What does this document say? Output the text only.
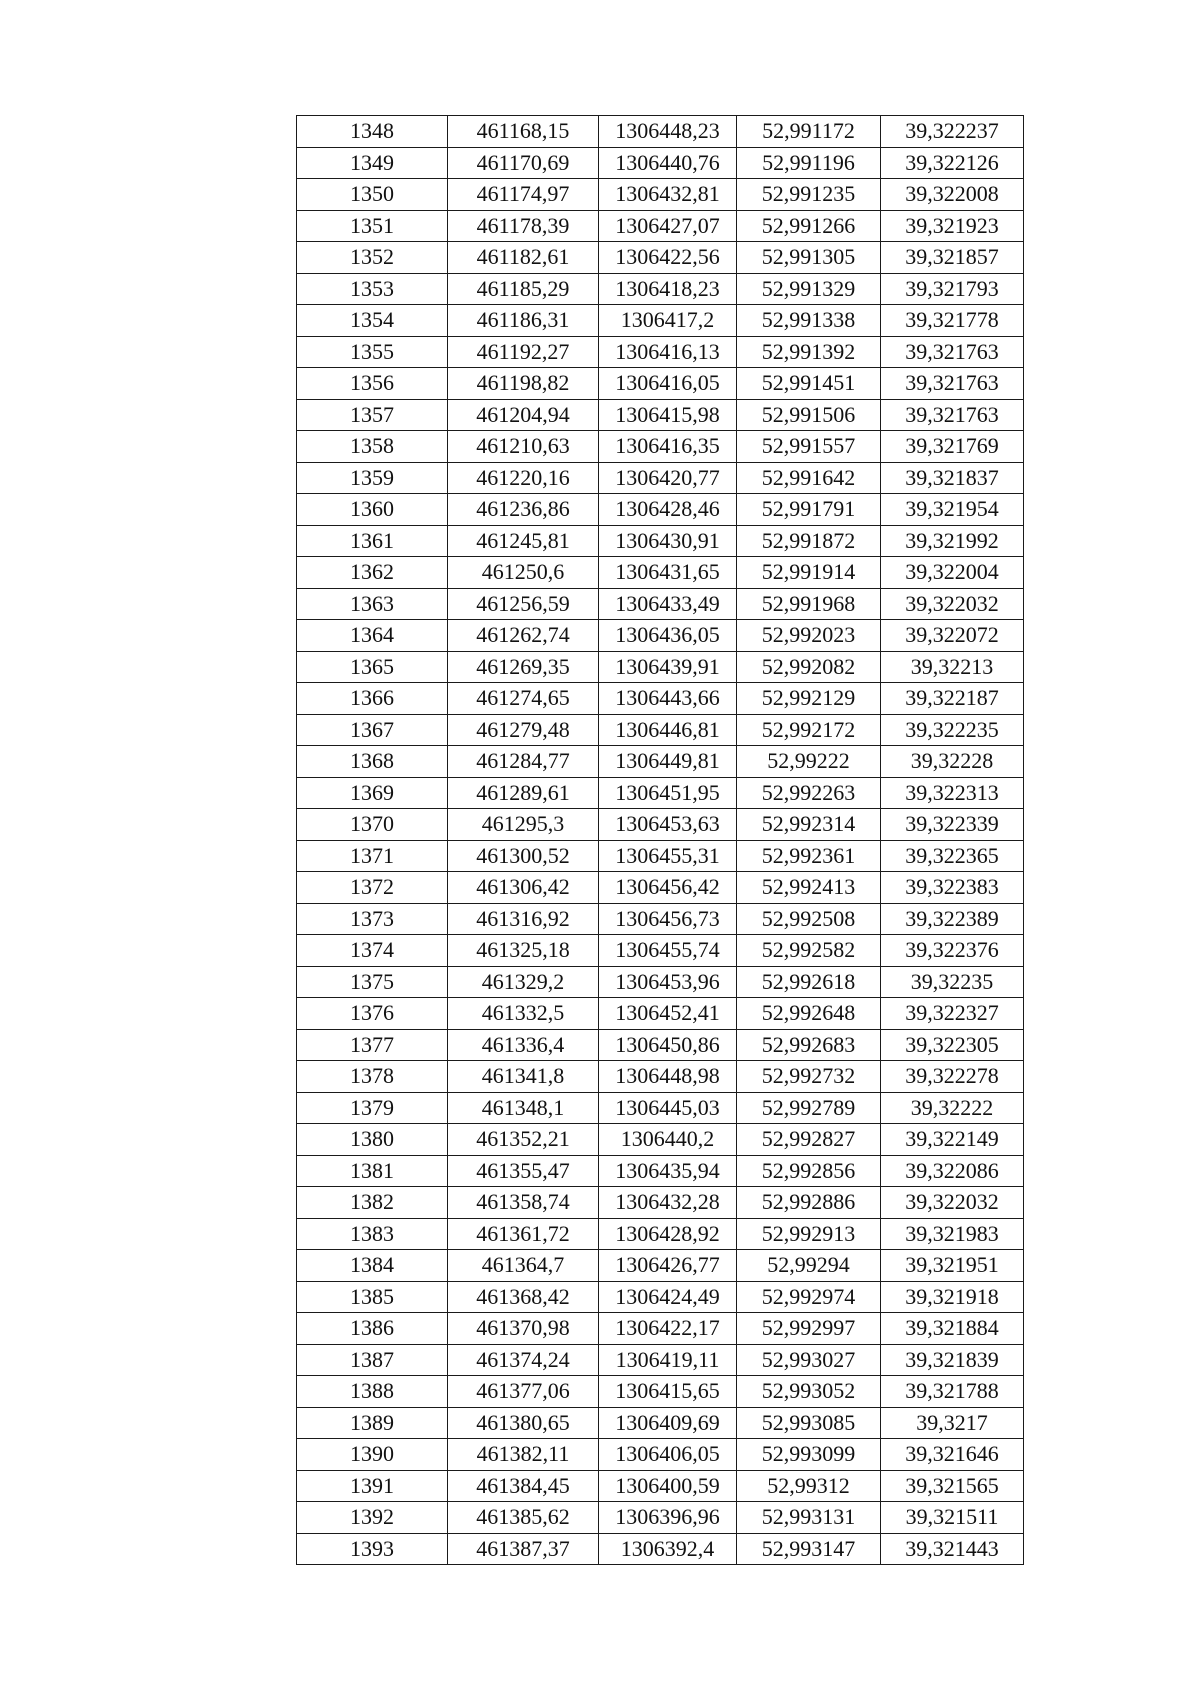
1348	461168,15	1306448,23	52,991172	39,322237
1349	461170,69	1306440,76	52,991196	39,322126
1350	461174,97	1306432,81	52,991235	39,322008
1351	461178,39	1306427,07	52,991266	39,321923
1352	461182,61	1306422,56	52,991305	39,321857
1353	461185,29	1306418,23	52,991329	39,321793
1354	461186,31	1306417,2	52,991338	39,321778
1355	461192,27	1306416,13	52,991392	39,321763
1356	461198,82	1306416,05	52,991451	39,321763
1357	461204,94	1306415,98	52,991506	39,321763
1358	461210,63	1306416,35	52,991557	39,321769
1359	461220,16	1306420,77	52,991642	39,321837
1360	461236,86	1306428,46	52,991791	39,321954
1361	461245,81	1306430,91	52,991872	39,321992
1362	461250,6	1306431,65	52,991914	39,322004
1363	461256,59	1306433,49	52,991968	39,322032
1364	461262,74	1306436,05	52,992023	39,322072
1365	461269,35	1306439,91	52,992082	39,32213
1366	461274,65	1306443,66	52,992129	39,322187
1367	461279,48	1306446,81	52,992172	39,322235
1368	461284,77	1306449,81	52,99222	39,32228
1369	461289,61	1306451,95	52,992263	39,322313
1370	461295,3	1306453,63	52,992314	39,322339
1371	461300,52	1306455,31	52,992361	39,322365
1372	461306,42	1306456,42	52,992413	39,322383
1373	461316,92	1306456,73	52,992508	39,322389
1374	461325,18	1306455,74	52,992582	39,322376
1375	461329,2	1306453,96	52,992618	39,32235
1376	461332,5	1306452,41	52,992648	39,322327
1377	461336,4	1306450,86	52,992683	39,322305
1378	461341,8	1306448,98	52,992732	39,322278
1379	461348,1	1306445,03	52,992789	39,32222
1380	461352,21	1306440,2	52,992827	39,322149
1381	461355,47	1306435,94	52,992856	39,322086
1382	461358,74	1306432,28	52,992886	39,322032
1383	461361,72	1306428,92	52,992913	39,321983
1384	461364,7	1306426,77	52,99294	39,321951
1385	461368,42	1306424,49	52,992974	39,321918
1386	461370,98	1306422,17	52,992997	39,321884
1387	461374,24	1306419,11	52,993027	39,321839
1388	461377,06	1306415,65	52,993052	39,321788
1389	461380,65	1306409,69	52,993085	39,3217
1390	461382,11	1306406,05	52,993099	39,321646
1391	461384,45	1306400,59	52,99312	39,321565
1392	461385,62	1306396,96	52,993131	39,321511
1393	461387,37	1306392,4	52,993147	39,321443
